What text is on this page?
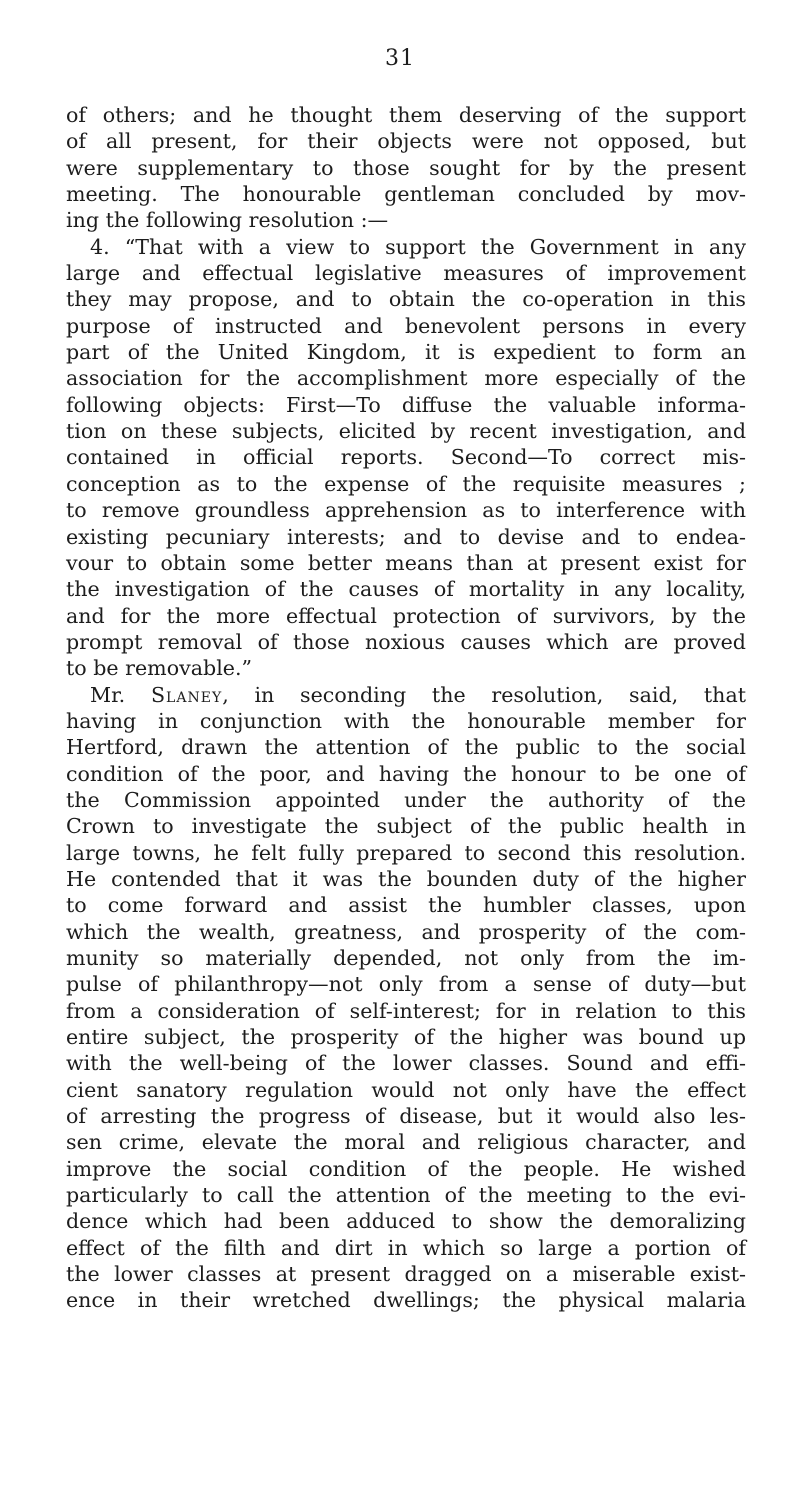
31

of others; and he thought them deserving of the support
of all present, for their objects were not opposed, but
were supplementary to those sought for by the present
meeting. The honourable gentleman concluded by mov-
ing the following resolution :—

4. “That with a view to support the Government in any
large and effectual legislative measures of improvement
they may propose, and to obtain the co-operation in this
purpose of instructed and benevolent persons in every
part of the United Kingdom, it is expedient to form an
association for the accomplishment more especially of the
following objects: First—To diffuse the valuable informa-
tion on these subjects, elicited by recent investigation, and
contained in official reports. Second—To correct mis-
conception as to the expense of the requisite measures ;
to remove groundless apprehension as to interference with
existing pecuniary interests; and to devise and to endea-
vour to obtain some better means than at present exist for
the investigation of the causes of mortality in any locality,
and for the more effectual protection of survivors, by the
prompt removal of those noxious causes which are proved
to be removable.”

Mr. Slaney, in seconding the resolution, said, that
having in conjunction with the honourable member for
Hertford, drawn the attention of the public to the social
condition of the poor, and having the honour to be one of
the Commission appointed under the authority of the
Crown to investigate the subject of the public health in
large towns, he felt fully prepared to second this resolution.
He contended that it was the bounden duty of the higher
to come forward and assist the humbler classes, upon
which the wealth, greatness, and prosperity of the com-
munity so materially depended, not only from the im-
pulse of philanthropy—not only from a sense of duty—but
from a consideration of self-interest; for in relation to this
entire subject, the prosperity of the higher was bound up
with the well-being of the lower classes. Sound and effi-
cient sanatory regulation would not only have the effect
of arresting the progress of disease, but it would also les-
sen crime, elevate the moral and religious character, and
improve the social condition of the people. He wished
particularly to call the attention of the meeting to the evi-
dence which had been adduced to show the demoralizing
effect of the filth and dirt in which so large a portion of
the lower classes at present dragged on a miserable exist-
ence in their wretched dwellings; the physical malaria
